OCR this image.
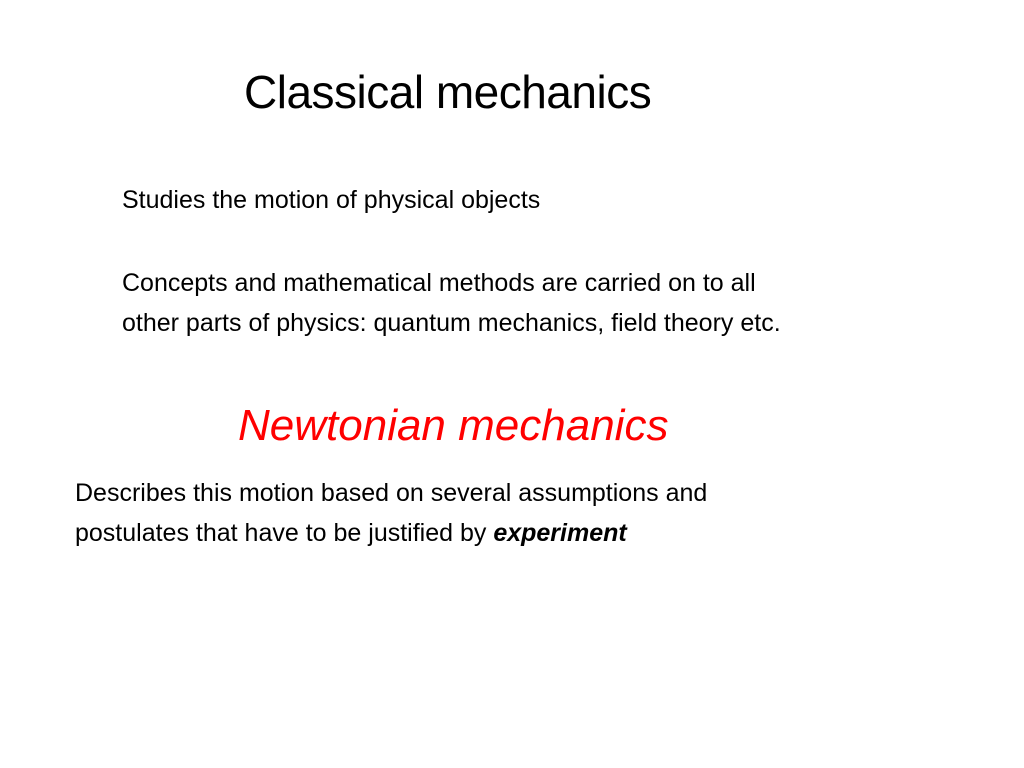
Classical mechanics
Studies the motion of physical objects
Concepts and mathematical methods are carried on to all
other parts of physics: quantum mechanics, field theory etc.
Newtonian mechanics
Describes this motion based on several assumptions and
postulates that have to be justified by experiment
